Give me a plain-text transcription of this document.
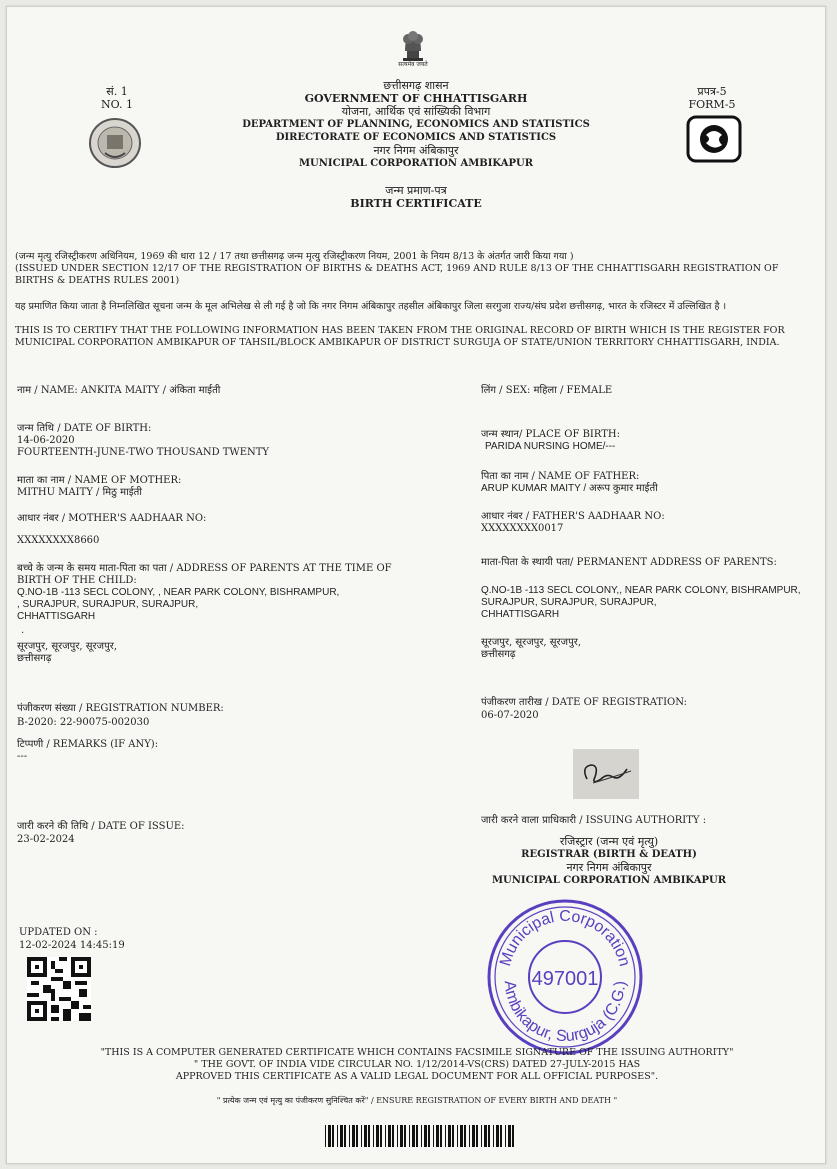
सत्यमेव जयते
सं. 1
NO. 1
प्रपत्र-5
FORM-5
छत्तीसगढ़ शासन
GOVERNMENT OF CHHATTISGARH
योजना, आर्थिक एवं सांख्यिकी विभाग
DEPARTMENT OF PLANNING, ECONOMICS AND STATISTICS
DIRECTORATE OF ECONOMICS AND STATISTICS
नगर निगम अंबिकापुर
MUNICIPAL CORPORATION AMBIKAPUR
जन्म प्रमाण-पत्र
BIRTH CERTIFICATE
(जन्म मृत्यु रजिस्ट्रीकरण अधिनियम, 1969 की धारा 12 / 17 तथा छत्तीसगढ़ जन्म मृत्यु रजिस्ट्रीकरण नियम, 2001 के नियम 8/13 के अंतर्गत जारी किया गया )
(ISSUED UNDER SECTION 12/17 OF THE REGISTRATION OF BIRTHS & DEATHS ACT, 1969 AND RULE 8/13 OF THE CHHATTISGARH REGISTRATION OF BIRTHS & DEATHS RULES 2001)
यह प्रमाणित किया जाता है निम्नलिखित सूचना जन्म के मूल अभिलेख से ली गई है जो कि नगर निगम अंबिकापुर तहसील अंबिकापुर जिला सरगुजा राज्य/संघ प्रदेश छत्तीसगढ़, भारत के रजिस्टर में उल्लिखित है ।
THIS IS TO CERTIFY THAT THE FOLLOWING INFORMATION HAS BEEN TAKEN FROM THE ORIGINAL RECORD OF BIRTH WHICH IS THE REGISTER FOR MUNICIPAL CORPORATION AMBIKAPUR OF TAHSIL/BLOCK AMBIKAPUR OF DISTRICT SURGUJA OF STATE/UNION TERRITORY CHHATTISGARH, INDIA.
नाम / NAME: ANKITA MAITY / अंकिता माईती
जन्म तिथि / DATE OF BIRTH:
14-06-2020
FOURTEENTH-JUNE-TWO THOUSAND TWENTY
माता का नाम / NAME OF MOTHER:
MITHU MAITY / मिठु माईती
आधार नंबर / MOTHER'S AADHAAR NO:
XXXXXXXX8660
बच्चे के जन्म के समय माता-पिता का पता / ADDRESS OF PARENTS AT THE TIME OF
BIRTH OF THE CHILD:
Q.NO-1B -113 SECL COLONY, , NEAR PARK COLONY, BISHRAMPUR,
, SURAJPUR, SURAJPUR, SURAJPUR,
CHHATTISGARH
.
सूरजपुर, सूरजपुर, सूरजपुर,
छत्तीसगढ़
पंजीकरण संख्या / REGISTRATION NUMBER:
B-2020: 22-90075-002030
टिप्पणी / REMARKS (IF ANY):
---
जारी करने की तिथि / DATE OF ISSUE:
23-02-2024
UPDATED ON :
12-02-2024 14:45:19
लिंग / SEX: महिला / FEMALE
जन्म स्थान/ PLACE OF BIRTH:
PARIDA NURSING HOME/---
पिता का नाम / NAME OF FATHER:
ARUP KUMAR MAITY / अरूप कुमार माईती
आधार नंबर / FATHER'S AADHAAR NO:
XXXXXXXX0017
माता-पिता के स्थायी पता/ PERMANENT ADDRESS OF PARENTS:
Q.NO-1B -113 SECL COLONY,, NEAR PARK COLONY, BISHRAMPUR,
SURAJPUR, SURAJPUR, SURAJPUR,
CHHATTISGARH
सूरजपुर, सूरजपुर, सूरजपुर,
छत्तीसगढ़
पंजीकरण तारीख / DATE OF REGISTRATION:
06-07-2020
जारी करने वाला प्राधिकारी / ISSUING AUTHORITY :
रजिस्ट्रार (जन्म एवं मृत्यु)
REGISTRAR (BIRTH & DEATH)
नगर निगम अंबिकापुर
MUNICIPAL CORPORATION AMBIKAPUR
Municipal Corporation
Ambikapur, Surguja (C.G.)
497001
"THIS IS A COMPUTER GENERATED CERTIFICATE WHICH CONTAINS FACSIMILE SIGNATURE OF THE ISSUING AUTHORITY"
" THE GOVT. OF INDIA VIDE CIRCULAR NO. 1/12/2014-VS(CRS) DATED 27-JULY-2015 HAS
APPROVED THIS CERTIFICATE AS A VALID LEGAL DOCUMENT FOR ALL OFFICIAL PURPOSES".
" प्रत्येक जन्म एवं मृत्यु का पंजीकरण सुनिश्चित करें" / ENSURE REGISTRATION OF EVERY BIRTH AND DEATH "
